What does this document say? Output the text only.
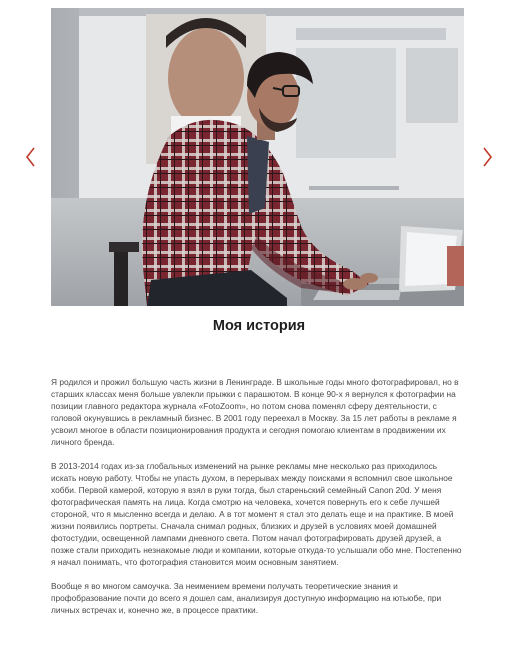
Моя история

Я родился и прожил большую часть жизни в Ленинграде. В школьные годы много фотографировал, но в старших классах меня больше увлекли прыжки с парашютом. В конце 90-х я вернулся к фотографии на позиции главного редактора журнала «FotoZoom», но потом снова поменял сферу деятельности, с головой окунувшись в рекламный бизнес. В 2001 году переехал в Москву. За 15 лет работы в рекламе я усвоил многое в области позиционирования продукта и сегодня помогаю клиентам в продвижении их личного бренда.

В 2013-2014 годах из-за глобальных изменений на рынке рекламы мне несколько раз приходилось искать новую работу. Чтобы не упасть духом, в перерывах между поисками я вспомнил свое школьное хобби. Первой камерой, которую я взял в руки тогда, был стареньский семейный Canon 20d. У меня фотографическая память на лица. Когда смотрю на человека, хочется повернуть его к себе лучшей стороной, что я мысленно всегда и делаю. А в тот момент я стал это делать еще и на практике. В моей жизни появились портреты. Сначала снимал родных, близких и друзей в условиях моей домашней фотостудии, освещенной лампами дневного света. Потом начал фотографировать друзей друзей, а позже стали приходить незнакомые люди и компании, которые откуда-то услышали обо мне. Постепенно я начал понимать, что фотография становится моим основным занятием.

Вообще я во многом самоучка. За неимением времени получать теоретические знания и профобразование почти до всего я дошел сам, анализируя доступную информацию на ютьюбе, при личных встречах и, конечно же, в процессе практики.
